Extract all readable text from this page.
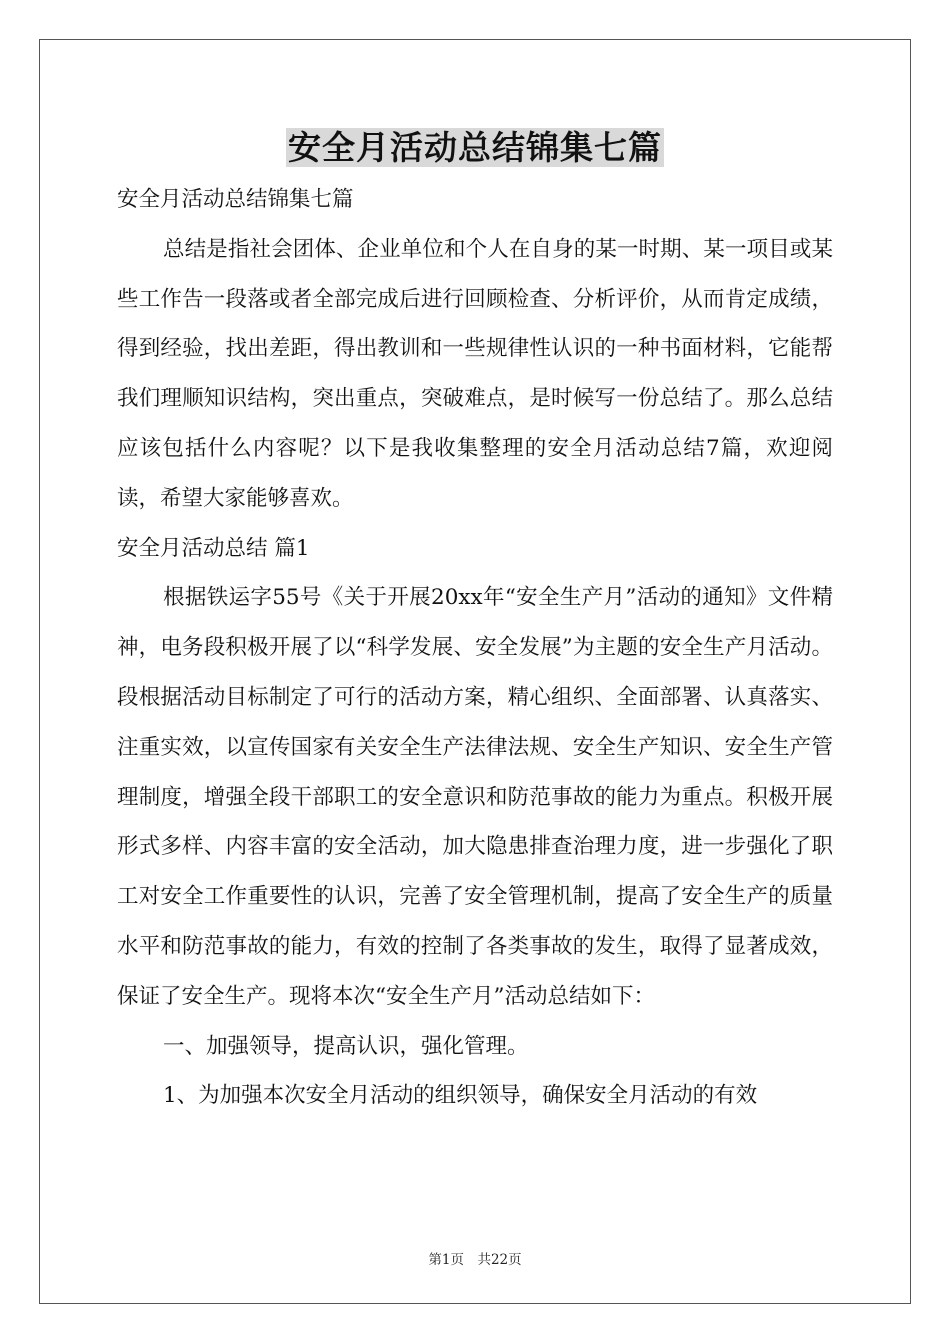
安全月活动总结锦集七篇

安全月活动总结锦集七篇

总结是指社会团体、企业单位和个人在自身的某一时期、某一项目或某些工作告一段落或者全部完成后进行回顾检查、分析评价，从而肯定成绩，得到经验，找出差距，得出教训和一些规律性认识的一种书面材料，它能帮我们理顺知识结构，突出重点，突破难点，是时候写一份总结了。那么总结应该包括什么内容呢？以下是我收集整理的安全月活动总结7篇，欢迎阅读，希望大家能够喜欢。

安全月活动总结 篇1

根据铁运字55号《关于开展20xx年“安全生产月”活动的通知》文件精神，电务段积极开展了以“科学发展、安全发展”为主题的安全生产月活动。段根据活动目标制定了可行的活动方案，精心组织、全面部署、认真落实、注重实效，以宣传国家有关安全生产法律法规、安全生产知识、安全生产管理制度，增强全段干部职工的安全意识和防范事故的能力为重点。积极开展形式多样、内容丰富的安全活动，加大隐患排查治理力度，进一步强化了职工对安全工作重要性的认识，完善了安全管理机制，提高了安全生产的质量水平和防范事故的能力，有效的控制了各类事故的发生，取得了显著成效，保证了安全生产。现将本次“安全生产月”活动总结如下：

一、加强领导，提高认识，强化管理。

1、为加强本次安全月活动的组织领导，确保安全月活动的有效

第1页　共22页
